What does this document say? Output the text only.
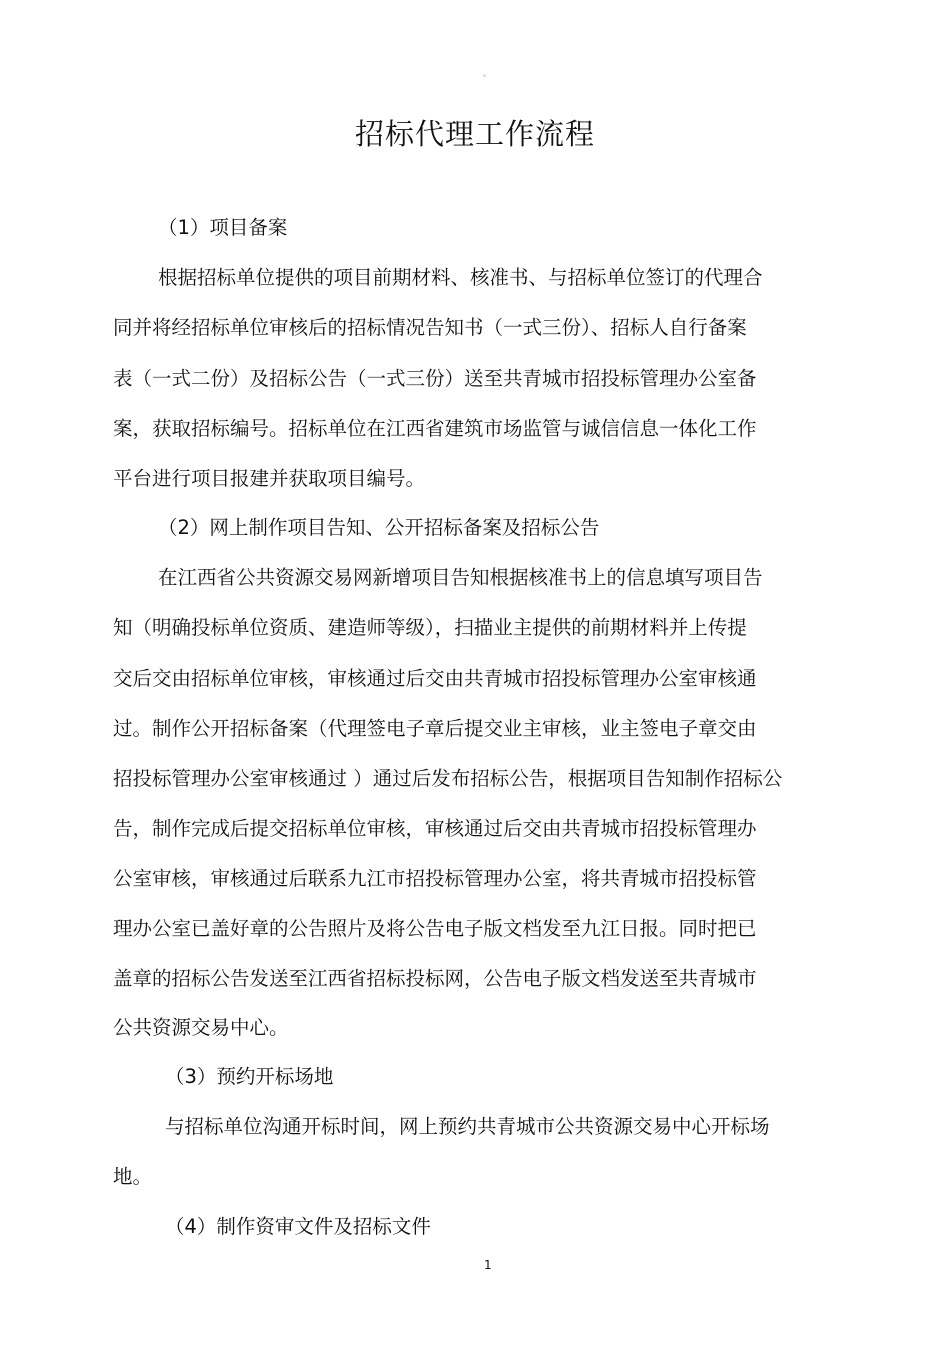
。
招标代理工作流程
（1）项目备案
根据招标单位提供的项目前期材料、核准书、与招标单位签订的代理合
同并将经招标单位审核后的招标情况告知书（一式三份）、招标人自行备案
表（一式二份）及招标公告（一式三份）送至共青城市招投标管理办公室备
案，获取招标编号。招标单位在江西省建筑市场监管与诚信信息一体化工作
平台进行项目报建并获取项目编号。
（2）网上制作项目告知、公开招标备案及招标公告
在江西省公共资源交易网新增项目告知根据核准书上的信息填写项目告
知（明确投标单位资质、建造师等级），扫描业主提供的前期材料并上传提
交后交由招标单位审核，审核通过后交由共青城市招投标管理办公室审核通
过。制作公开招标备案（代理签电子章后提交业主审核，业主签电子章交由
招投标管理办公室审核通过 ）通过后发布招标公告，根据项目告知制作招标公
告，制作完成后提交招标单位审核，审核通过后交由共青城市招投标管理办
公室审核，审核通过后联系九江市招投标管理办公室，将共青城市招投标管
理办公室已盖好章的公告照片及将公告电子版文档发至九江日报。同时把已
盖章的招标公告发送至江西省招标投标网，公告电子版文档发送至共青城市
公共资源交易中心。
（3）预约开标场地
与招标单位沟通开标时间，网上预约共青城市公共资源交易中心开标场
地。
（4）制作资审文件及招标文件
1
